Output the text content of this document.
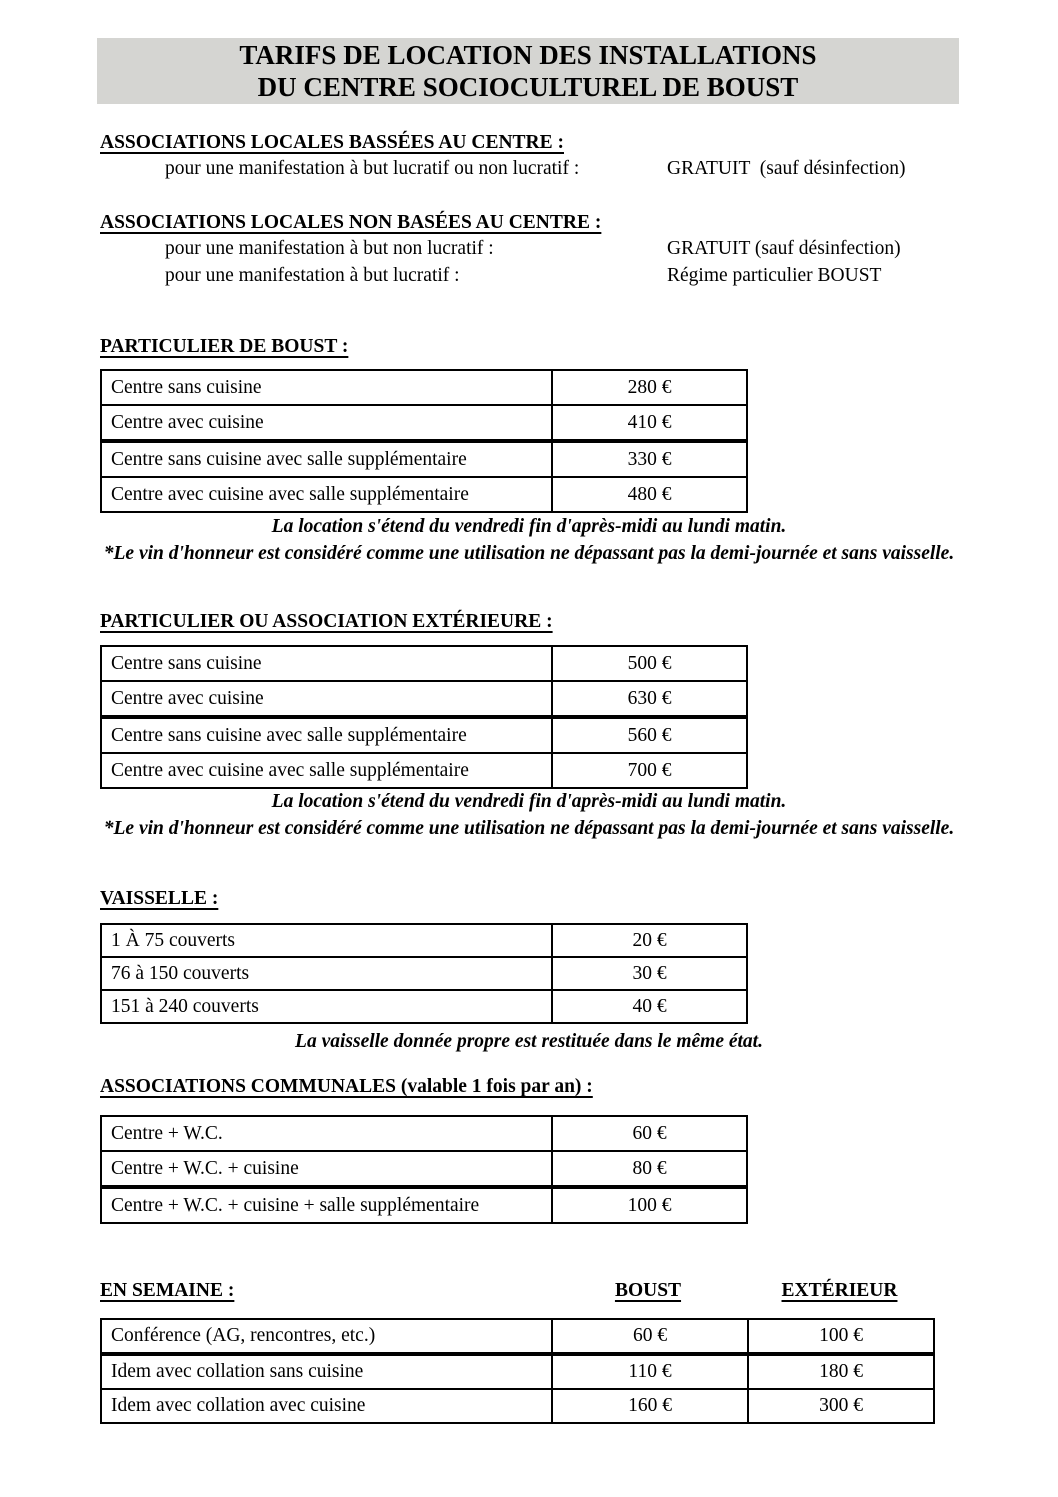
TARIFS DE LOCATION DES INSTALLATIONS
DU CENTRE SOCIOCULTUREL DE BOUST
ASSOCIATIONS LOCALES BASSÉES AU CENTRE :
pour une manifestation à but lucratif ou non lucratif :	GRATUIT  (sauf désinfection)
ASSOCIATIONS LOCALES NON BASÉES AU CENTRE :
pour une manifestation à but non lucratif :	GRATUIT (sauf désinfection)
pour une manifestation à but lucratif :	Régime particulier BOUST
PARTICULIER DE BOUST :
Centre sans cuisine	280 €
Centre avec cuisine	410 €
Centre sans cuisine avec salle supplémentaire	330 €
Centre avec cuisine avec salle supplémentaire	480 €
La location s'étend du vendredi fin d'après-midi au lundi matin.
*Le vin d'honneur est considéré comme une utilisation ne dépassant pas la demi-journée et sans vaisselle.
PARTICULIER OU ASSOCIATION EXTÉRIEURE :
Centre sans cuisine	500 €
Centre avec cuisine	630 €
Centre sans cuisine avec salle supplémentaire	560 €
Centre avec cuisine avec salle supplémentaire	700 €
La location s'étend du vendredi fin d'après-midi au lundi matin.
*Le vin d'honneur est considéré comme une utilisation ne dépassant pas la demi-journée et sans vaisselle.
VAISSELLE :
1 À 75 couverts	20 €
76 à 150 couverts	30 €
151 à 240 couverts	40 €
La vaisselle donnée propre est restituée dans le même état.
ASSOCIATIONS COMMUNALES (valable 1 fois par an) :
Centre + W.C.	60 €
Centre + W.C. + cuisine	80 €
Centre + W.C. + cuisine + salle supplémentaire	100 €
EN SEMAINE :	BOUST	EXTÉRIEUR
Conférence (AG, rencontres, etc.)	60 €	100 €
Idem avec collation sans cuisine	110 €	180 €
Idem avec collation avec cuisine	160 €	300 €
